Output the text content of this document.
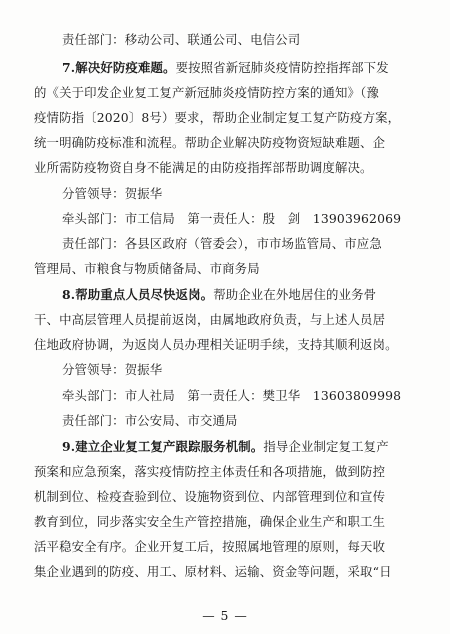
— 5 —
责任部门：移动公司、联通公司、电信公司
7.解决好防疫难题。要按照省新冠肺炎疫情防控指挥部下发
的《关于印发企业复工复产新冠肺炎疫情防控方案的通知》（豫
疫情防指〔2020〕8号）要求，帮助企业制定复工复产防疫方案，
统一明确防疫标准和流程。帮助企业解决防疫物资短缺难题、企
业所需防疫物资自身不能满足的由防疫指挥部帮助调度解决。
分管领导：贺振华
牵头部门：市工信局　第一责任人：殷　剑　13903962069
责任部门：各县区政府（管委会），市市场监管局、市应急
管理局、市粮食与物质储备局、市商务局
8.帮助重点人员尽快返岗。帮助企业在外地居住的业务骨
干、中高层管理人员提前返岗，由属地政府负责，与上述人员居
住地政府协调，为返岗人员办理相关证明手续，支持其顺利返岗。
分管领导：贺振华
牵头部门：市人社局　第一责任人：樊卫华　13603809998
责任部门：市公安局、市交通局
9.建立企业复工复产跟踪服务机制。指导企业制定复工复产
预案和应急预案，落实疫情防控主体责任和各项措施，做到防控
机制到位、检疫查验到位、设施物资到位、内部管理到位和宣传
教育到位，同步落实安全生产管控措施，确保企业生产和职工生
活平稳安全有序。企业开复工后，按照属地管理的原则，每天收
集企业遇到的防疫、用工、原材料、运输、资金等问题，采取“日
